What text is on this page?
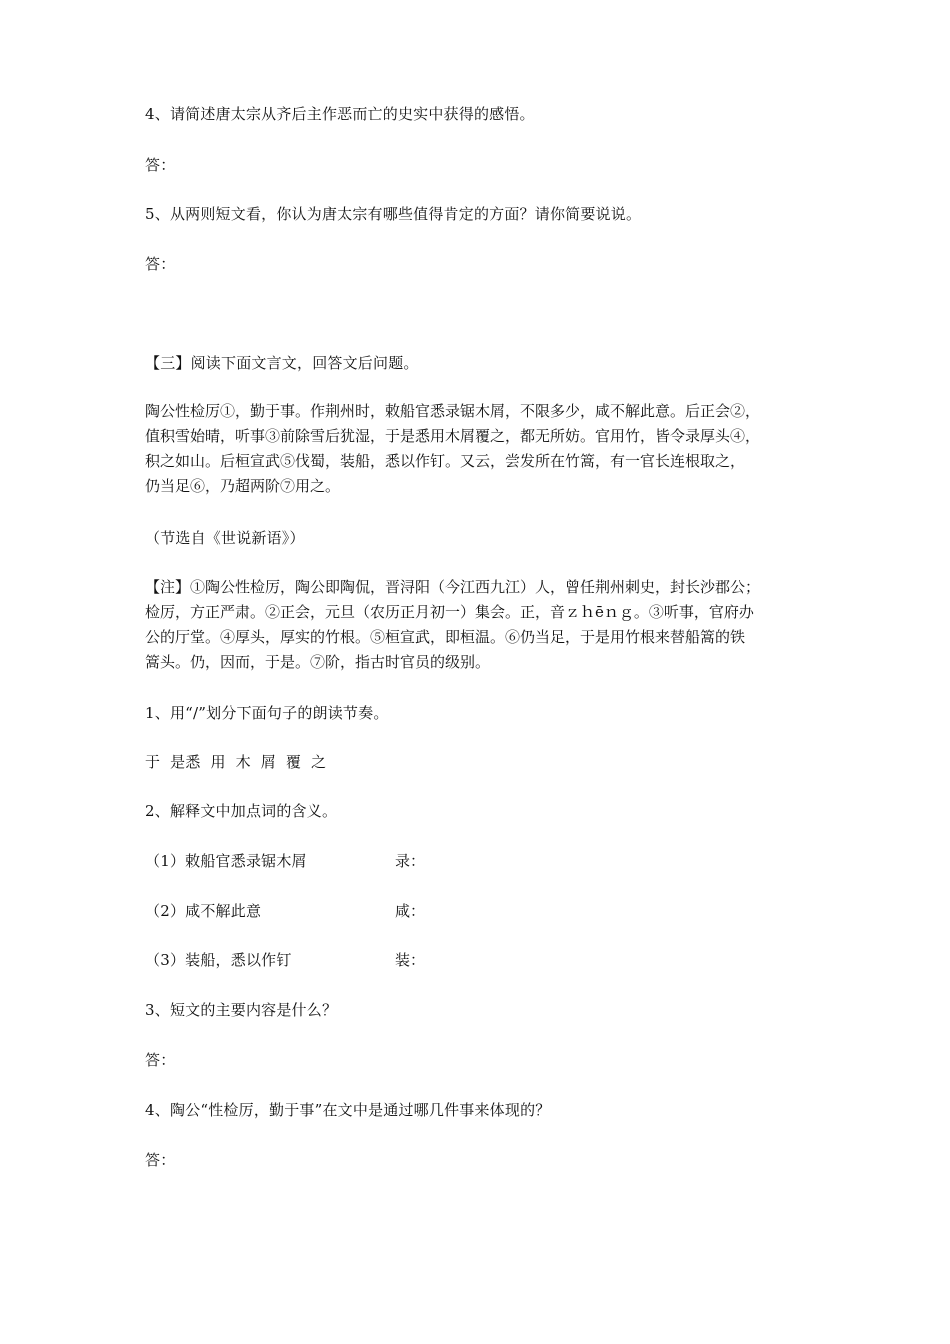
4、请简述唐太宗从齐后主作恶而亡的史实中获得的感悟。
答：
5、从两则短文看，你认为唐太宗有哪些值得肯定的方面？请你简要说说。
答：
【三】阅读下面文言文，回答文后问题。
陶公性检厉①，勤于事。作荆州时，敕船官悉录锯木屑，不限多少，咸不解此意。后正会②，
值积雪始晴，听事③前除雪后犹湿，于是悉用木屑覆之，都无所妨。官用竹，皆令录厚头④，
积之如山。后桓宣武⑤伐蜀，装船，悉以作钉。又云，尝发所在竹篙，有一官长连根取之，
仍当足⑥，乃超两阶⑦用之。
（节选自《世说新语》）
【注】①陶公性检厉，陶公即陶侃，晋浔阳（今江西九江）人，曾任荆州刺史，封长沙郡公；
检厉，方正严肃。②正会，元旦（农历正月初一）集会。正，音ｚｈēｎｇ。③听事，官府办
公的厅堂。④厚头，厚实的竹根。⑤桓宣武，即桓温。⑥仍当足，于是用竹根来替船篙的铁
篙头。仍，因而，于是。⑦阶，指古时官员的级别。
1、用“/”划分下面句子的朗读节奏。
于  是悉  用  木  屑  覆  之
2、解释文中加点词的含义。
（1）敕船官悉录锯木屑	录：
（2）咸不解此意	咸：
（3）装船，悉以作钉	装：
3、短文的主要内容是什么？
答：
4、陶公“性检厉，勤于事”在文中是通过哪几件事来体现的？
答：
